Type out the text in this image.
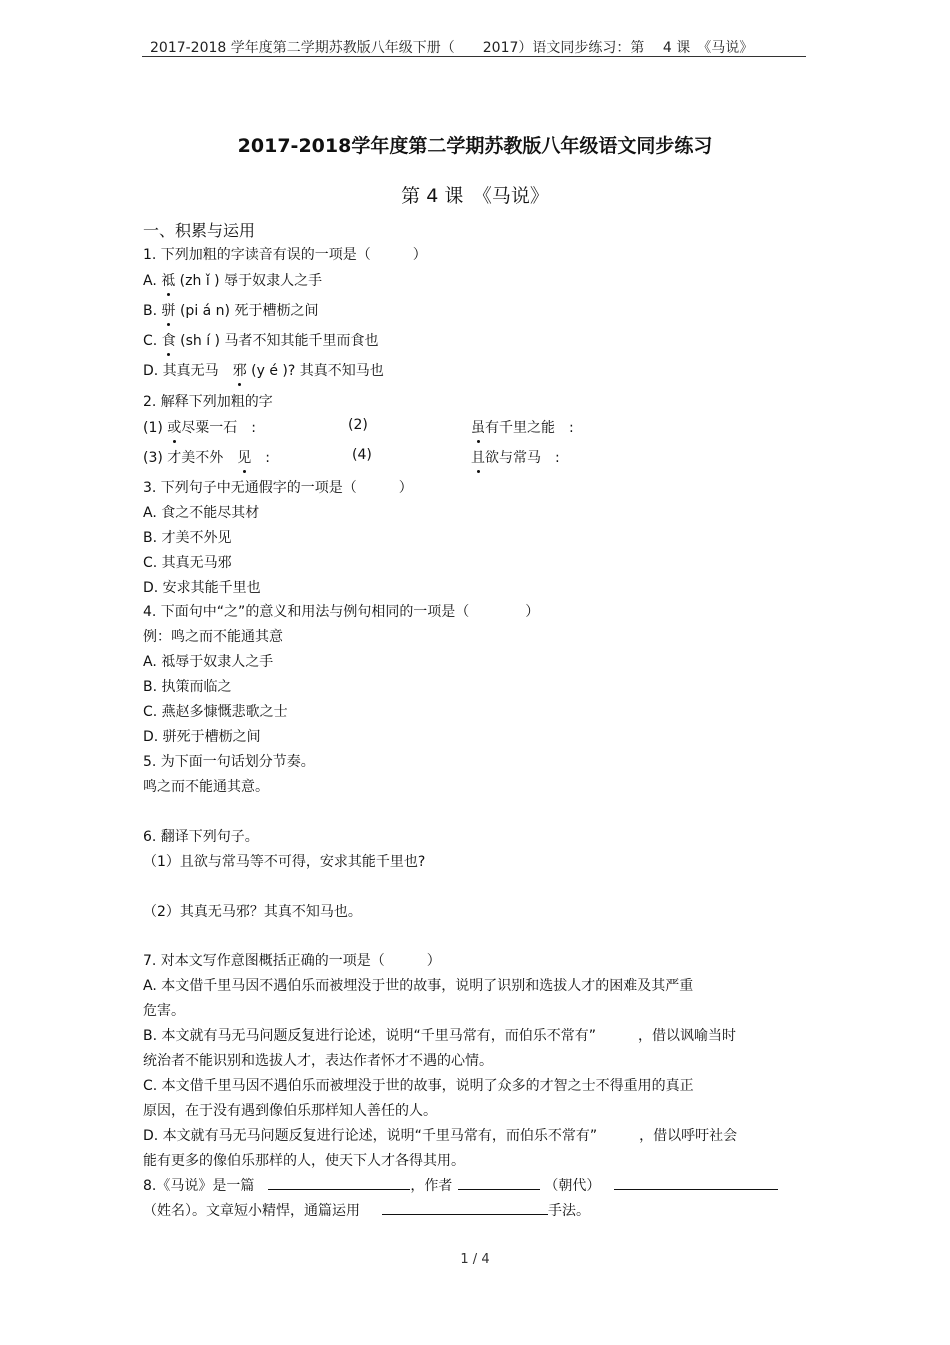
2017-2018 学年度第二学期苏教版八年级下册（　　2017）语文同步练习：第　 4 课　《马说》
2017-2018学年度第二学期苏教版八年级语文同步练习
第 4 课　《马说》
一、积累与运用
1. 下列加粗的字读音有误的一项是（　　　）
A. 祗 (zh ǐ ) 辱于奴隶人之手
B. 骈 (pi á n) 死于槽枥之间
C. 食 (sh í ) 马者不知其能千里而食也
D. 其真无马　邪 (y é )? 其真不知马也
2. 解释下列加粗的字
(1) 或尽粟一石　:	(2)	虽有千里之能　:
(3) 才美不外　见　:	(4)	且欲与常马　:
3. 下列句子中无通假字的一项是（　　　）
A. 食之不能尽其材
B. 才美不外见
C. 其真无马邪
D. 安求其能千里也
4. 下面句中“之”的意义和用法与例句相同的一项是（　　　　）
例：鸣之而不能通其意
A. 祗辱于奴隶人之手
B. 执策而临之
C. 燕赵多慷慨悲歌之士
D. 骈死于槽枥之间
5. 为下面一句话划分节奏。
鸣之而不能通其意。
6. 翻译下列句子。
（1）且欲与常马等不可得，安求其能千里也?
（2）其真无马邪？其真不知马也。
7. 对本文写作意图概括正确的一项是（　　　）
A. 本文借千里马因不遇伯乐而被埋没于世的故事，说明了识别和选拔人才的困难及其严重
危害。
B. 本文就有马无马问题反复进行论述，说明“千里马常有，而伯乐不常有”　　　，借以讽喻当时
统治者不能识别和选拔人才，表达作者怀才不遇的心情。
C. 本文借千里马因不遇伯乐而被埋没于世的故事，说明了众多的才智之士不得重用的真正
原因，在于没有遇到像伯乐那样知人善任的人。
D. 本文就有马无马问题反复进行论述，说明“千里马常有，而伯乐不常有”　　　，借以呼吁社会
能有更多的像伯乐那样的人，使天下人才各得其用。
8.《马说》是一篇	，作者	（朝代）
（姓名）。文章短小精悍，通篇运用	手法。
1 / 4
